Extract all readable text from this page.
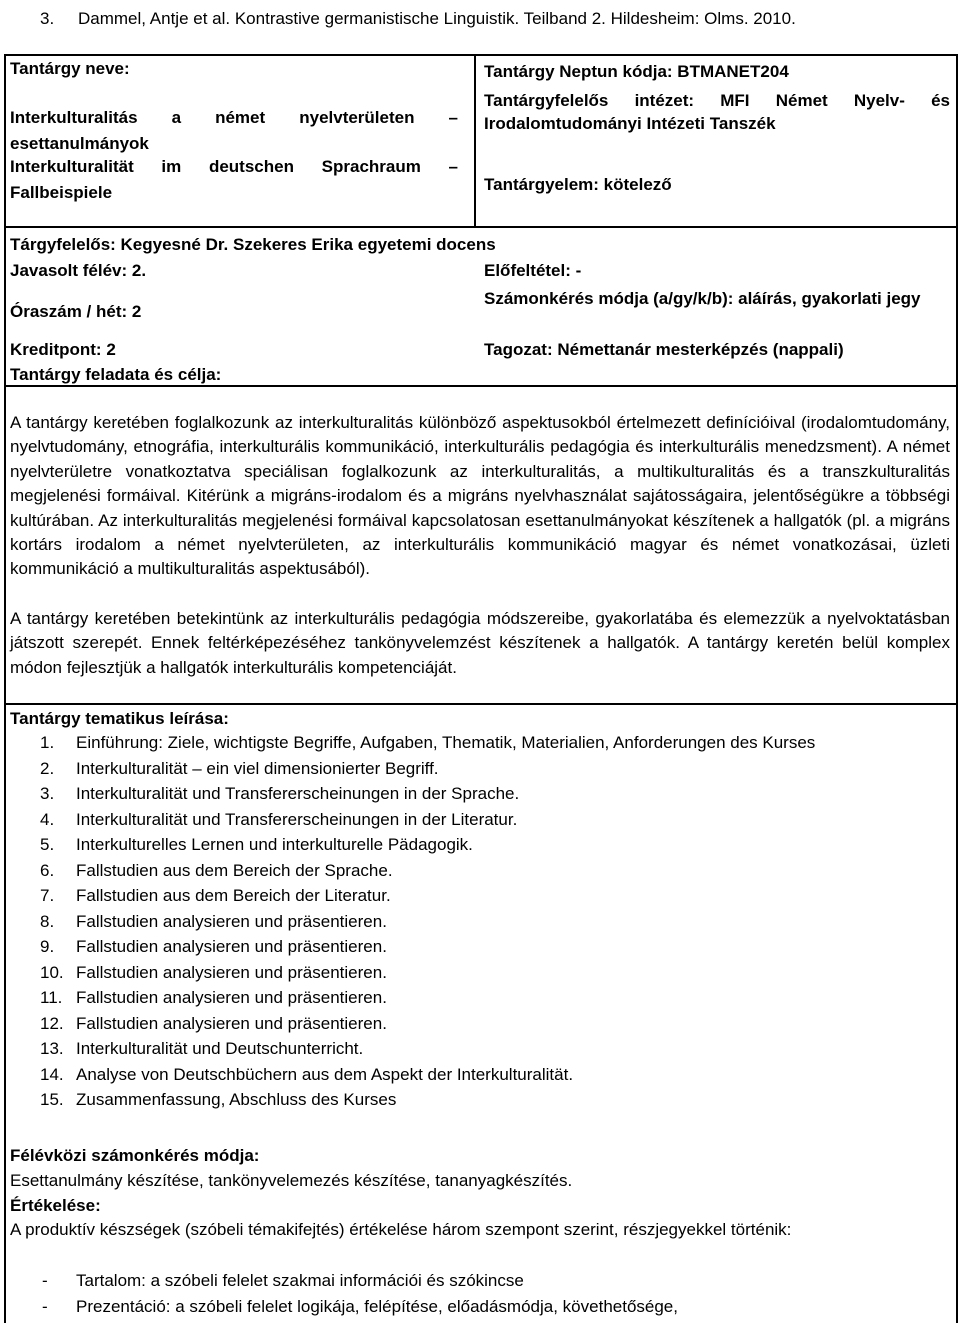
3.	Dammel, Antje et al. Kontrastive germanistische Linguistik. Teilband 2. Hildesheim: Olms. 2010.
Tantárgy neve:
Interkulturalitás a német nyelvterületen – esettanulmányok
Interkulturalität im deutschen Sprachraum – Fallbeispiele
Tantárgy Neptun kódja: BTMANET204
Tantárgyfelelős intézet: MFI Német Nyelv- és Irodalomtudományi Intézeti Tanszék
Tantárgyelem: kötelező
Tárgyfelelős: Kegyesné Dr. Szekeres Erika egyetemi docens
Javasolt félév: 2.	Előfeltétel: -
Óraszám / hét: 2
Számonkérés módja (a/gy/k/b): aláírás, gyakorlati jegy
Kreditpont: 2	Tagozat: Némettanár mesterképzés (nappali)
Tantárgy feladata és célja:
A tantárgy keretében foglalkozunk az interkulturalitás különböző aspektusokból értelmezett definícióival (irodalomtudomány, nyelvtudomány, etnográfia, interkulturális kommunikáció, interkulturális pedagógia és interkulturális menedzsment). A német nyelvterületre vonatkoztatva speciálisan foglalkozunk az interkulturalitás, a multikulturalitás és a transzkulturalitás megjelenési formáival. Kitérünk a migráns-irodalom és a migráns nyelvhasználat sajátosságaira, jelentőségükre a többségi kultúrában. Az interkulturalitás megjelenési formáival kapcsolatosan esettanulmányokat készítenek a hallgatók (pl. a migráns kortárs irodalom a német nyelvterületen, az interkulturális kommunikáció magyar és német vonatkozásai, üzleti kommunikáció a multikulturalitás aspektusából).
A tantárgy keretében betekintünk az interkulturális pedagógia módszereibe, gyakorlatába és elemezzük a nyelvoktatásban játszott szerepét. Ennek feltérképezéséhez tankönyvelemzést készítenek a hallgatók. A tantárgy keretén belül komplex módon fejlesztjük a hallgatók interkulturális kompetenciáját.
Tantárgy tematikus leírása:
1. Einführung: Ziele, wichtigste Begriffe, Aufgaben, Thematik, Materialien, Anforderungen des Kurses
2. Interkulturalität – ein viel dimensionierter Begriff.
3. Interkulturalität und Transfererscheinungen in der Sprache.
4. Interkulturalität und Transfererscheinungen in der Literatur.
5. Interkulturelles Lernen und interkulturelle Pädagogik.
6. Fallstudien aus dem Bereich der Sprache.
7. Fallstudien aus dem Bereich der Literatur.
8. Fallstudien analysieren und präsentieren.
9. Fallstudien analysieren und präsentieren.
10. Fallstudien analysieren und präsentieren.
11. Fallstudien analysieren und präsentieren.
12. Fallstudien analysieren und präsentieren.
13. Interkulturalität und Deutschunterricht.
14. Analyse von Deutschbüchern aus dem Aspekt der Interkulturalität.
15. Zusammenfassung, Abschluss des Kurses
Félévközi számonkérés módja:
Esettanulmány készítése, tankönyvelemezés készítése, tananyagkészítés.
Értékelése:
A produktív készségek (szóbeli témakifejtés) értékelése három szempont szerint, részjegyekkel történik:
- Tartalom: a szóbeli felelet szakmai információi és szókincse
- Prezentáció: a szóbeli felelet logikája, felépítése, előadásmódja, követhetősége,
